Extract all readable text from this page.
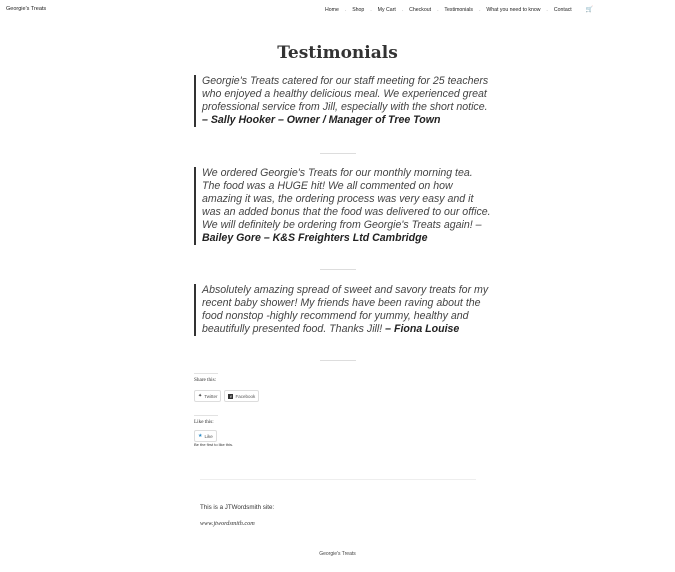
Georgie's Treats	Home - Shop - My Cart - Checkout - Testimonials - What you need to know - Contact 🛒
Testimonials
Georgie's Treats catered for our staff meeting for 25 teachers who enjoyed a healthy delicious meal. We experienced great professional service from Jill, especially with the short notice. – Sally Hooker – Owner / Manager of Tree Town
We ordered Georgie's Treats for our monthly morning tea. The food was a HUGE hit! We all commented on how amazing it was, the ordering process was very easy and it was an added bonus that the food was delivered to our office.
We will definitely be ordering from Georgie's Treats again! – Bailey Gore – K&S Freighters Ltd Cambridge
Absolutely amazing spread of sweet and savory treats for my recent baby shower! My friends have been raving about the food nonstop -highly recommend for yummy, healthy and beautifully presented food. Thanks Jill! – Fiona Louise
Share this:
✦ Twitter	f Facebook
Like this:
★ Like
Be the first to like this.
This is a JTWordsmith site:
www.jtwordsmith.com
Georgie's Treats
